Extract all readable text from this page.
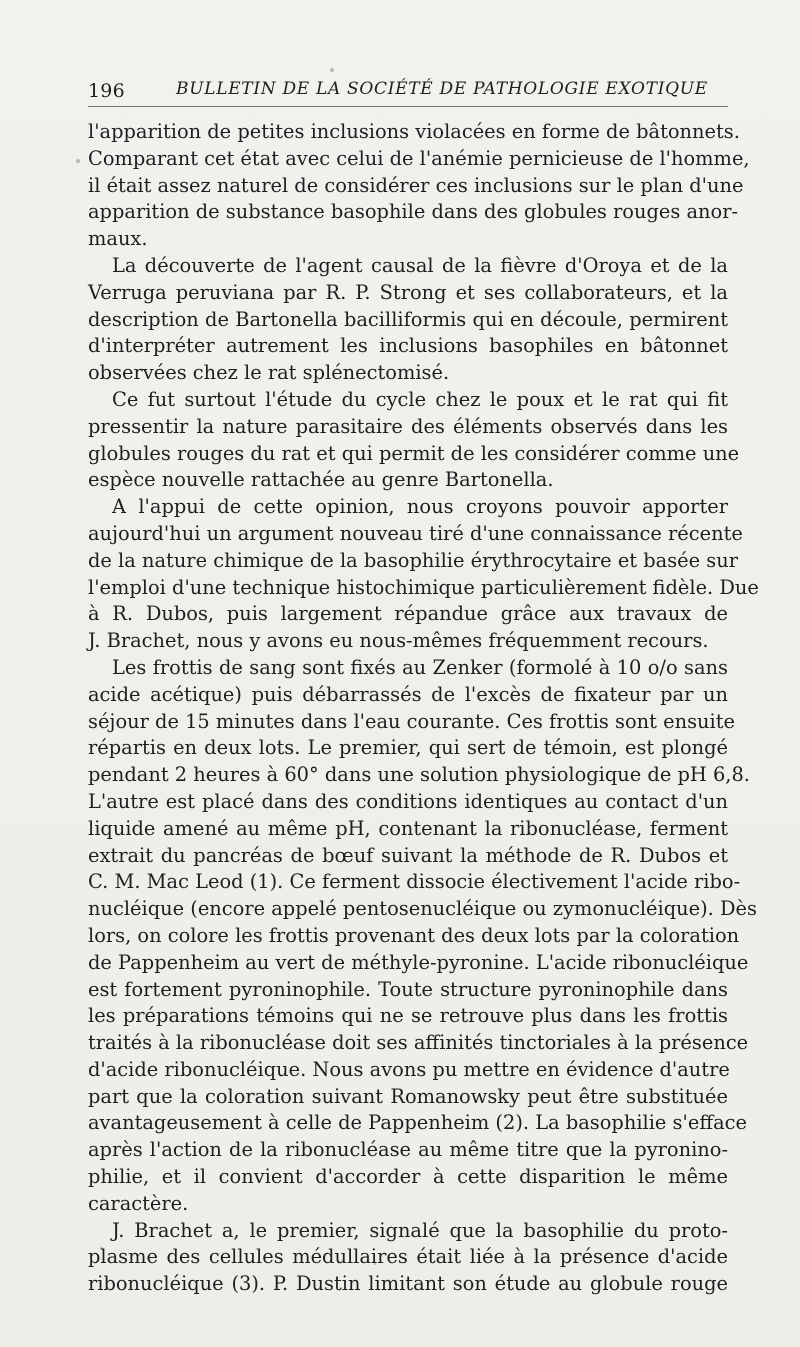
196	BULLETIN DE LA SOCIÉTÉ DE PATHOLOGIE EXOTIQUE
l'apparition de petites inclusions violacées en forme de bâtonnets.
Comparant cet état avec celui de l'anémie pernicieuse de l'homme,
il était assez naturel de considérer ces inclusions sur le plan d'une
apparition de substance basophile dans des globules rouges anor-
maux.
La découverte de l'agent causal de la fièvre d'Oroya et de la
Verruga peruviana par R. P. Strong et ses collaborateurs, et la
description de Bartonella bacilliformis qui en découle, permirent
d'interpréter autrement les inclusions basophiles en bâtonnet
observées chez le rat splénectomisé.
Ce fut surtout l'étude du cycle chez le poux et le rat qui fit
pressentir la nature parasitaire des éléments observés dans les
globules rouges du rat et qui permit de les considérer comme une
espèce nouvelle rattachée au genre Bartonella.
A l'appui de cette opinion, nous croyons pouvoir apporter
aujourd'hui un argument nouveau tiré d'une connaissance récente
de la nature chimique de la basophilie érythrocytaire et basée sur
l'emploi d'une technique histochimique particulièrement fidèle. Due
à R. Dubos, puis largement répandue grâce aux travaux de
J. Brachet, nous y avons eu nous-mêmes fréquemment recours.
Les frottis de sang sont fixés au Zenker (formolé à 10 o/o sans
acide acétique) puis débarrassés de l'excès de fixateur par un
séjour de 15 minutes dans l'eau courante. Ces frottis sont ensuite
répartis en deux lots. Le premier, qui sert de témoin, est plongé
pendant 2 heures à 60° dans une solution physiologique de pH 6,8.
L'autre est placé dans des conditions identiques au contact d'un
liquide amené au même pH, contenant la ribonucléase, ferment
extrait du pancréas de bœuf suivant la méthode de R. Dubos et
C. M. Mac Leod (1). Ce ferment dissocie électivement l'acide ribo-
nucléique (encore appelé pentosenucléique ou zymonucléique). Dès
lors, on colore les frottis provenant des deux lots par la coloration
de Pappenheim au vert de méthyle-pyronine. L'acide ribonucléique
est fortement pyroninophile. Toute structure pyroninophile dans
les préparations témoins qui ne se retrouve plus dans les frottis
traités à la ribonucléase doit ses affinités tinctoriales à la présence
d'acide ribonucléique. Nous avons pu mettre en évidence d'autre
part que la coloration suivant Romanowsky peut être substituée
avantageusement à celle de Pappenheim (2). La basophilie s'efface
après l'action de la ribonucléase au même titre que la pyronino-
philie, et il convient d'accorder à cette disparition le même
caractère.
J. Brachet a, le premier, signalé que la basophilie du proto-
plasme des cellules médullaires était liée à la présence d'acide
ribonucléique (3). P. Dustin limitant son étude au globule rouge
